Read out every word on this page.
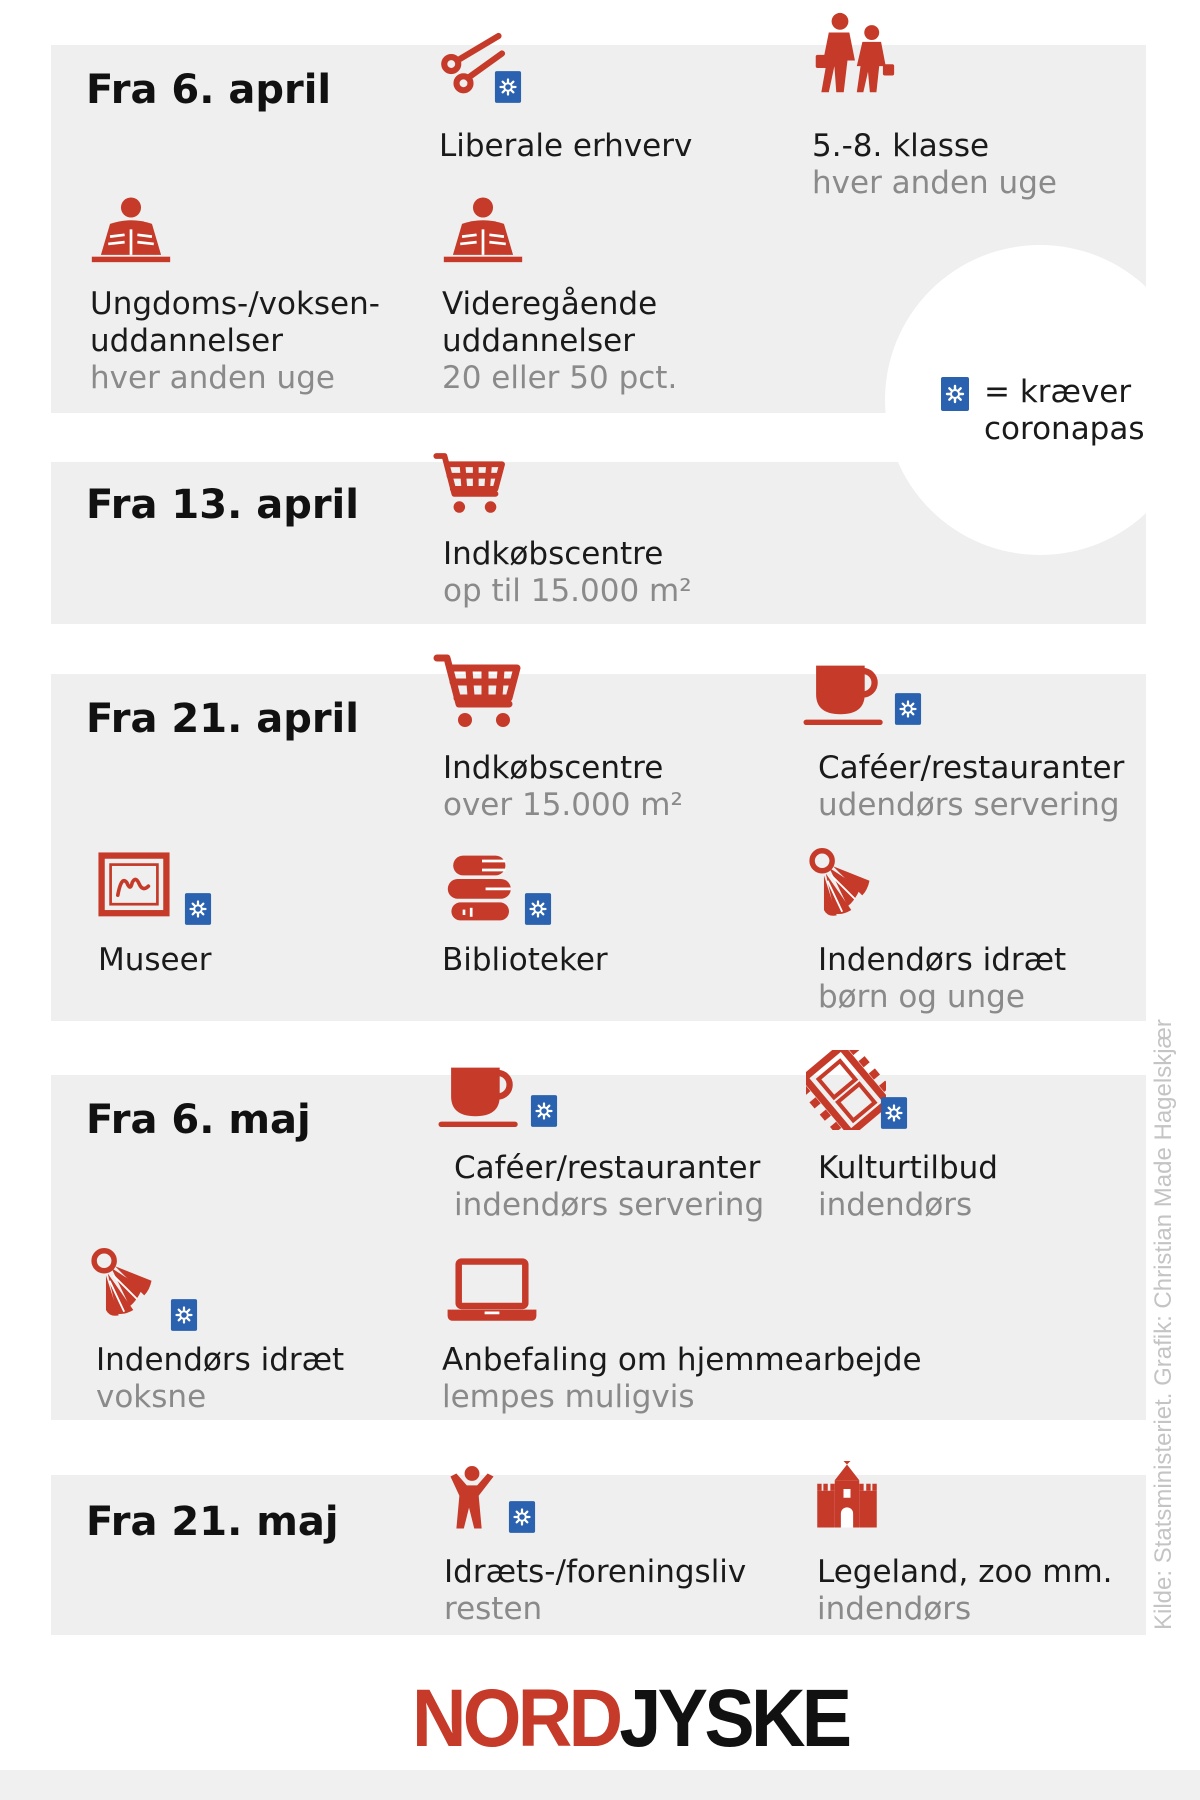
Fra 6. april
Fra 13. april
Fra 21. april
Fra 6. maj
Fra 21. maj
= kræver
coronapas
Liberale erhverv	5.-8. klasse
hver anden uge
Ungdoms-/voksen-
uddannelser
hver anden uge
Videregående
uddannelser
20 eller 50 pct.
Indkøbscentre
op til 15.000 m²
Indkøbscentre
over 15.000 m²
Caféer/restauranter
udendørs servering
Museer	Biblioteker	Indendørs idræt
børn og unge
Caféer/restauranter
indendørs servering
Kulturtilbud
indendørs
Indendørs idræt
voksne
Anbefaling om hjemmearbejde
lempes muligvis
Idræts-/foreningsliv
resten
Legeland, zoo mm.
indendørs	Kilde: Statsministeriet. Grafik: Christian Made Hagelskjær
NORDJYSKE
